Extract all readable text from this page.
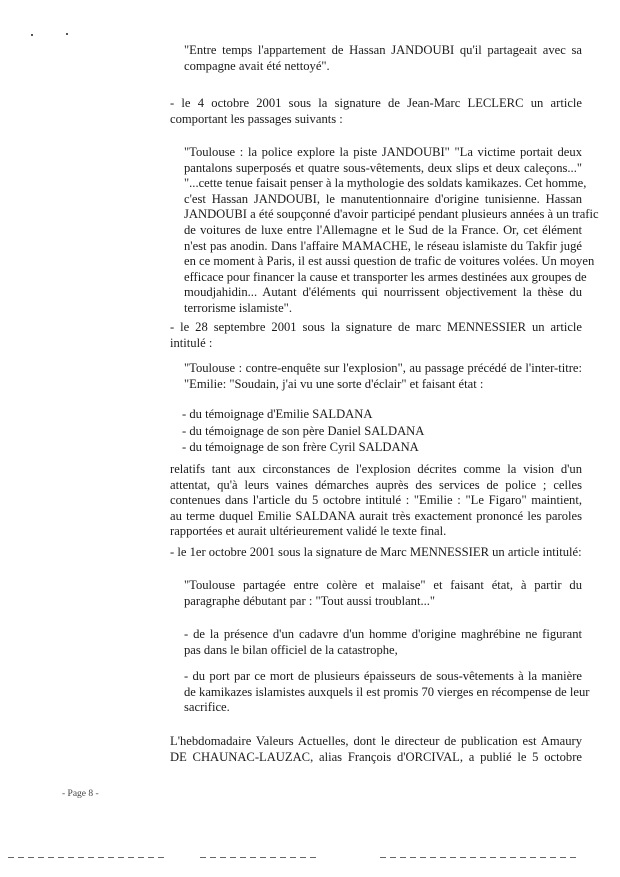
"Entre temps l'appartement de Hassan JANDOUBI qu'il partageait avec sa
compagne avait été nettoyé".
- le 4 octobre 2001 sous la signature de Jean-Marc LECLERC un article
comportant les passages suivants :
"Toulouse : la police explore la piste JANDOUBI" "La victime portait deux
pantalons superposés et quatre sous-vêtements, deux slips et deux caleçons..."
"...cette tenue faisait penser à la mythologie des soldats kamikazes. Cet homme,
c'est Hassan JANDOUBI, le manutentionnaire d'origine tunisienne. Hassan
JANDOUBI a été soupçonné d'avoir participé pendant plusieurs années à un trafic
de voitures de luxe entre l'Allemagne et le Sud de la France. Or, cet élément
n'est pas anodin. Dans l'affaire MAMACHE, le réseau islamiste du Takfir jugé
en ce moment à Paris, il est aussi question de trafic de voitures volées. Un moyen
efficace pour financer la cause et transporter les armes destinées aux groupes de
moudjahidin... Autant d'éléments qui nourrissent objectivement la thèse du
terrorisme islamiste".
- le 28 septembre 2001 sous la signature de marc MENNESSIER un article
intitulé :
"Toulouse : contre-enquête sur l'explosion", au passage précédé de l'inter-titre:
"Emilie: "Soudain, j'ai vu une sorte d'éclair" et faisant état :
- du témoignage d'Emilie SALDANA
- du témoignage de son père Daniel SALDANA
- du témoignage de son frère Cyril SALDANA
relatifs tant aux circonstances de l'explosion décrites comme la vision d'un
attentat, qu'à leurs vaines démarches auprès des services de police ; celles
contenues dans l'article du 5 octobre intitulé : "Emilie : "Le Figaro" maintient,
au terme duquel Emilie SALDANA aurait très exactement prononcé les paroles
rapportées et aurait ultérieurement validé le texte final.
- le 1er octobre 2001 sous la signature de Marc MENNESSIER un article intitulé:
"Toulouse partagée entre colère et malaise" et faisant état, à partir du
paragraphe débutant par : "Tout aussi troublant..."
- de la présence d'un cadavre d'un homme d'origine maghrébine ne figurant
pas dans le bilan officiel de la catastrophe,
- du port par ce mort de plusieurs épaisseurs de sous-vêtements à la manière
de kamikazes islamistes auxquels il est promis 70 vierges en récompense de leur
sacrifice.
L'hebdomadaire Valeurs Actuelles, dont le directeur de publication est Amaury
DE CHAUNAC-LAUZAC, alias François d'ORCIVAL, a publié le 5 octobre
- Page 8 -
